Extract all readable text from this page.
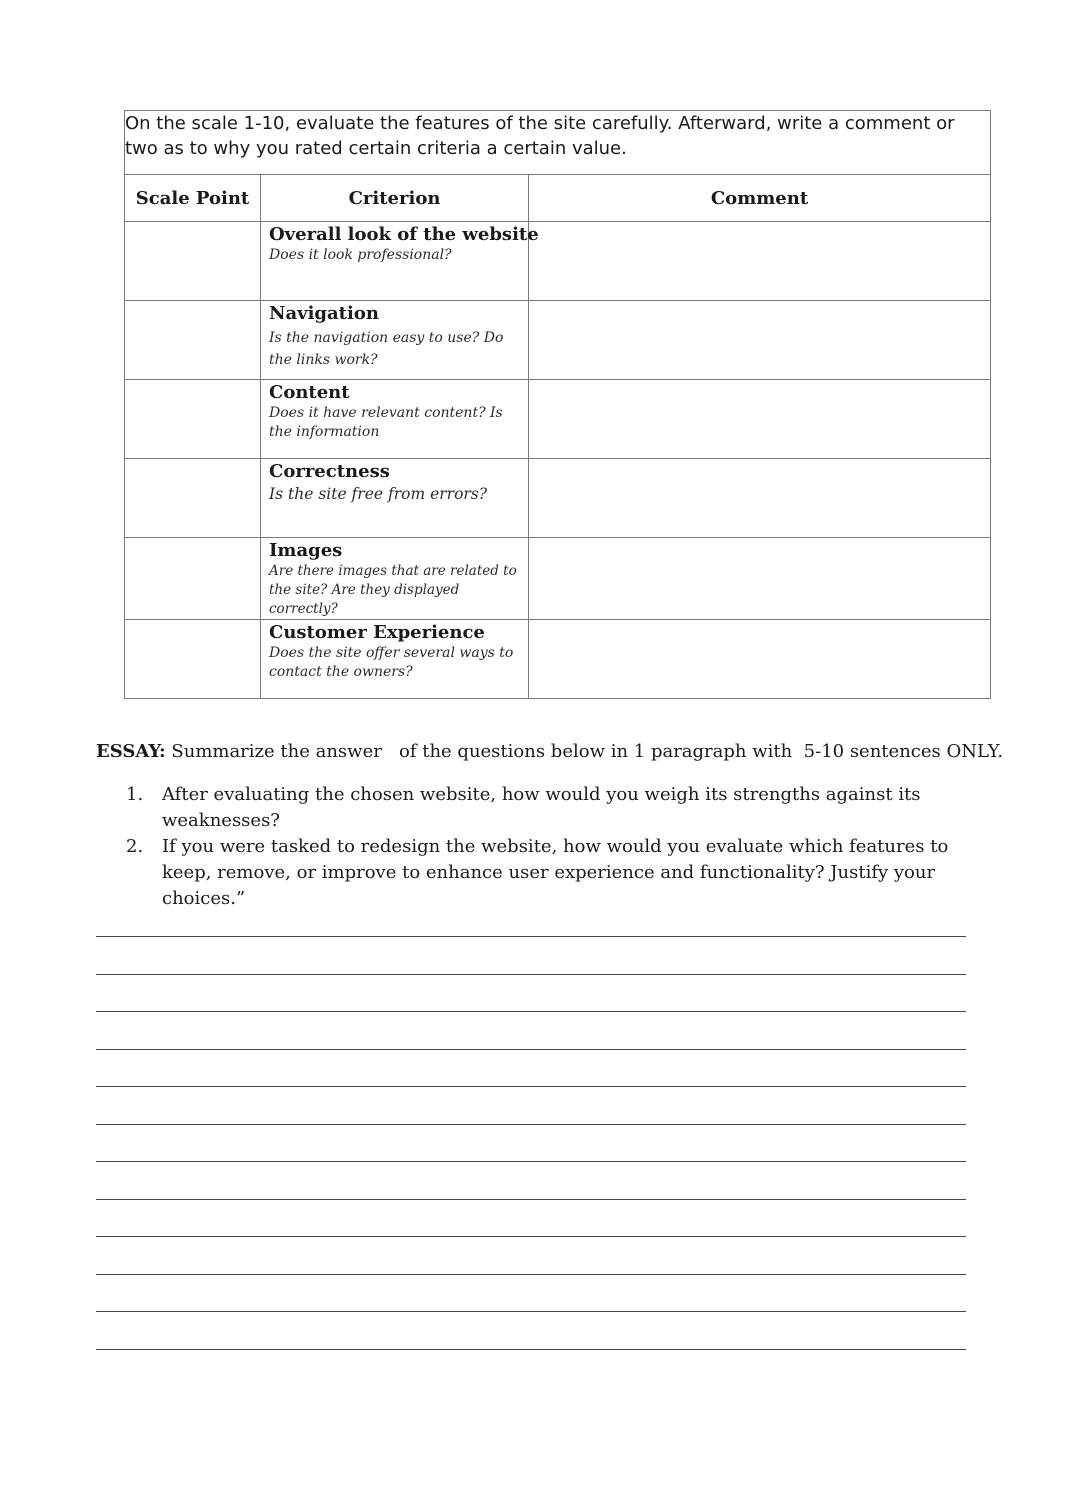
On the scale 1-10, evaluate the features of the site carefully. Afterward, write a comment or two as to why you rated certain criteria a certain value.		
Scale Point	Criterion	Comment

	Overall look of the website
Does it look professional?	

	Navigation
Is the navigation easy to use? Do the links work?	

	Content
Does it have relevant content? Is the information	

	Correctness
Is the site free from errors?	

	Images
Are there images that are related to the site? Are they displayed correctly?	

	Customer Experience
Does the site offer several ways to contact the owners?	

ESSAY: Summarize the answer   of the questions below in 1 paragraph with  5-10 sentences ONLY.
1. After evaluating the chosen website, how would you weigh its strengths against its weaknesses?
2. If you were tasked to redesign the website, how would you evaluate which features to keep, remove, or improve to enhance user experience and functionality? Justify your choices.”
